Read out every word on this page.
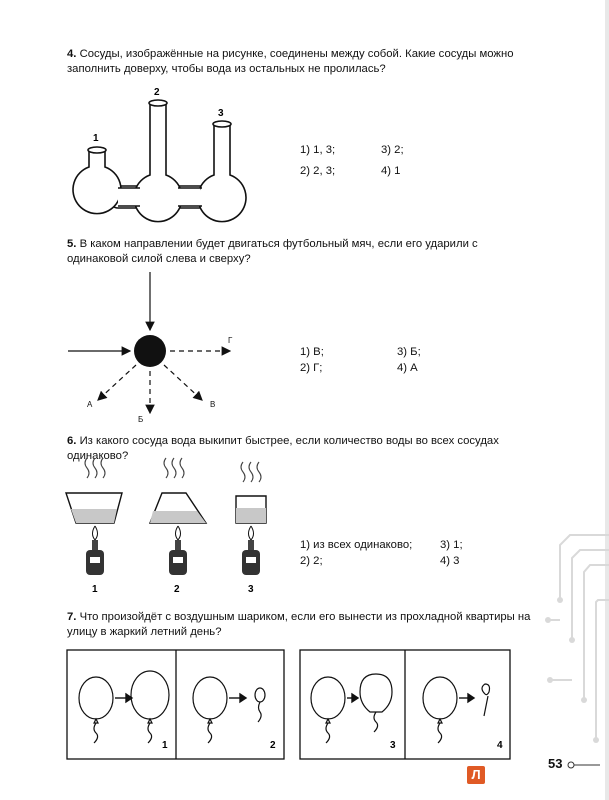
4. Сосуды, изображённые на рисунке, соединены между собой. Какие сосуды можно заполнить доверху, чтобы вода из остальных не пролилась?
1
2
3
1) 1, 3;	3) 2;
2) 2, 3;	4) 1
5. В каком направлении будет двигаться футбольный мяч, если его ударили с одинаковой силой слева и сверху?
Г
А
Б
В
1) В;	3) Б;
2) Г;	4) А
6. Из какого сосуда вода выкипит быстрее, если количество воды во всех сосудах одинаково?
1	2	3
1) из всех одинаково; 3) 1;
2) 2;	4) 3
7. Что произойдёт с воздушным шариком, если его вынести из прохладной квартиры на улицу в жаркий летний день?
1	2	3	4
Л
53
